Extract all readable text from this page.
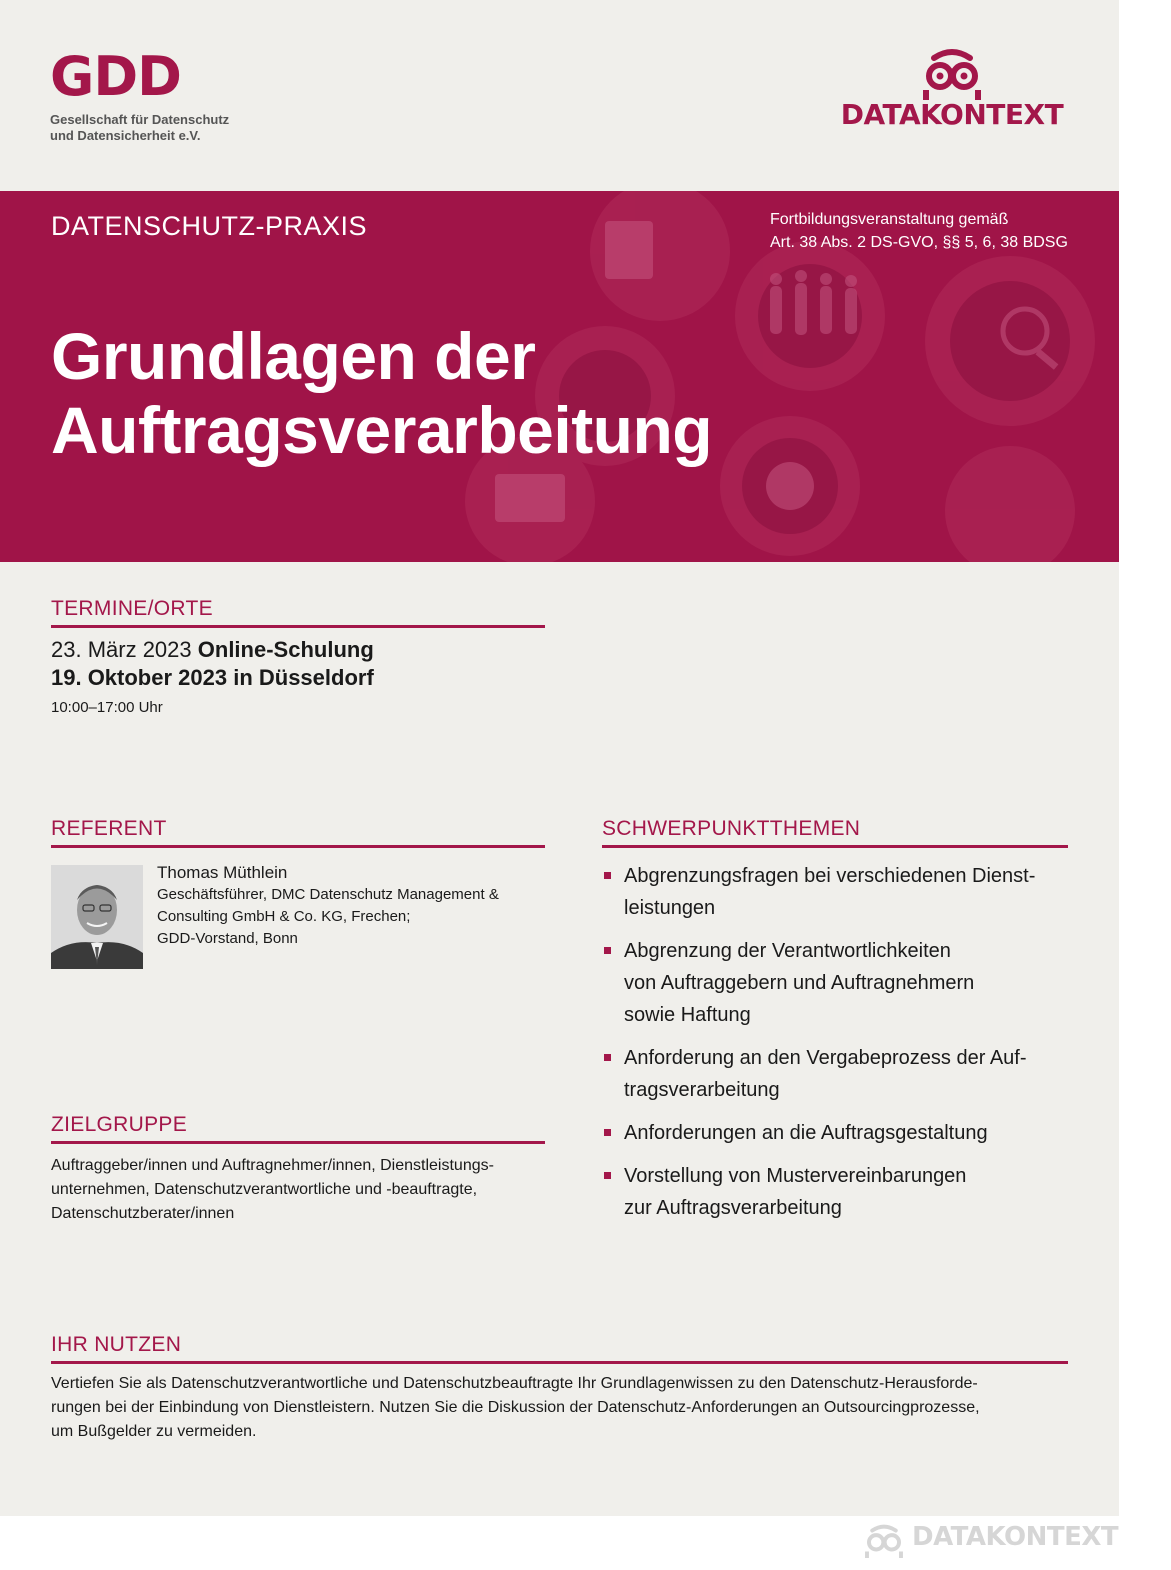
GDD
Gesellschaft für Datenschutz
und Datensicherheit e.V.
DATAKONTEXT
DATENSCHUTZ-PRAXIS	Fortbildungsveranstaltung gemäß
Art. 38 Abs. 2 DS-GVO, §§ 5, 6, 38 BDSG
Grundlagen der
Auftragsverarbeitung
TERMINE/ORTE
23. März 2023 Online-Schulung
19. Oktober 2023 in Düsseldorf
10:00–17:00 Uhr
REFERENT
Thomas Müthlein
Geschäftsführer, DMC Datenschutz Management &
Consulting GmbH & Co. KG, Frechen;
GDD-Vorstand, Bonn
ZIELGRUPPE
Auftraggeber/innen und Auftragnehmer/innen, Dienstleistungs-
unternehmen, Datenschutzverantwortliche und -beauftragte,
Datenschutzberater/innen
SCHWERPUNKTTHEMEN
Abgrenzungsfragen bei verschiedenen Dienst-
leistungen
Abgrenzung der Verantwortlichkeiten
von Auftraggebern und Auftragnehmern
sowie Haftung
Anforderung an den Vergabeprozess der Auf-
tragsverarbeitung
Anforderungen an die Auftragsgestaltung
Vorstellung von Mustervereinbarungen
zur Auftragsverarbeitung
IHR NUTZEN
Vertiefen Sie als Datenschutzverantwortliche und Datenschutzbeauftragte Ihr Grundlagenwissen zu den Datenschutz-Herausforde-
rungen bei der Einbindung von Dienstleistern. Nutzen Sie die Diskussion der Datenschutz-Anforderungen an Outsourcingprozesse,
um Bußgelder zu vermeiden.
DATAKONTEXT
